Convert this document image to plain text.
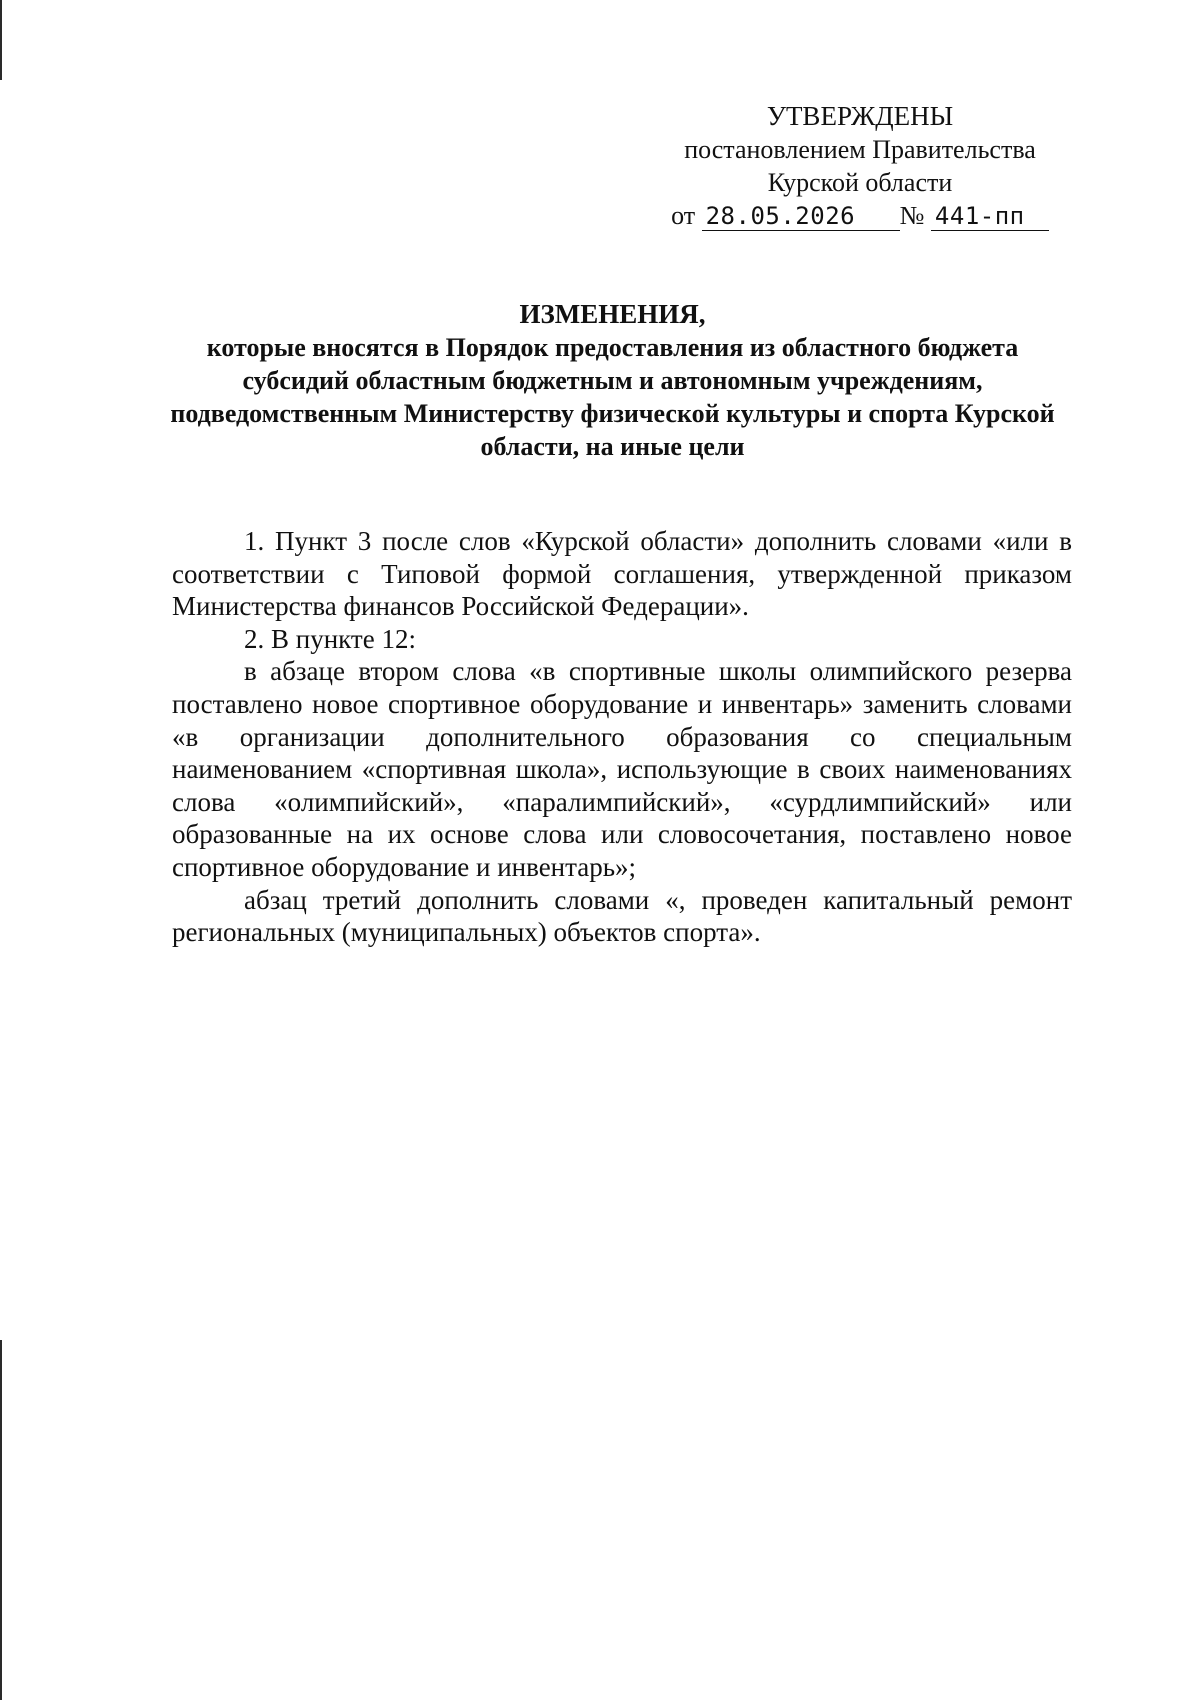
УТВЕРЖДЕНЫ
постановлением Правительства
Курской области
от 28.05.2026 № 441-пп
ИЗМЕНЕНИЯ,
которые вносятся в Порядок предоставления из областного бюджета субсидий областным бюджетным и автономным учреждениям, подведомственным Министерству физической культуры и спорта Курской области, на иные цели

1. Пункт 3 после слов «Курской области» дополнить словами «или в соответствии с Типовой формой соглашения, утвержденной приказом Министерства финансов Российской Федерации».

2. В пункте 12:

в абзаце втором слова «в спортивные школы олимпийского резерва поставлено новое спортивное оборудование и инвентарь» заменить словами «в организации дополнительного образования со специальным наименованием «спортивная школа», использующие в своих наименованиях слова «олимпийский», «паралимпийский», «сурдлимпийский» или образованные на их основе слова или словосочетания, поставлено новое спортивное оборудование и инвентарь»;

абзац третий дополнить словами «, проведен капитальный ремонт региональных (муниципальных) объектов спорта».
